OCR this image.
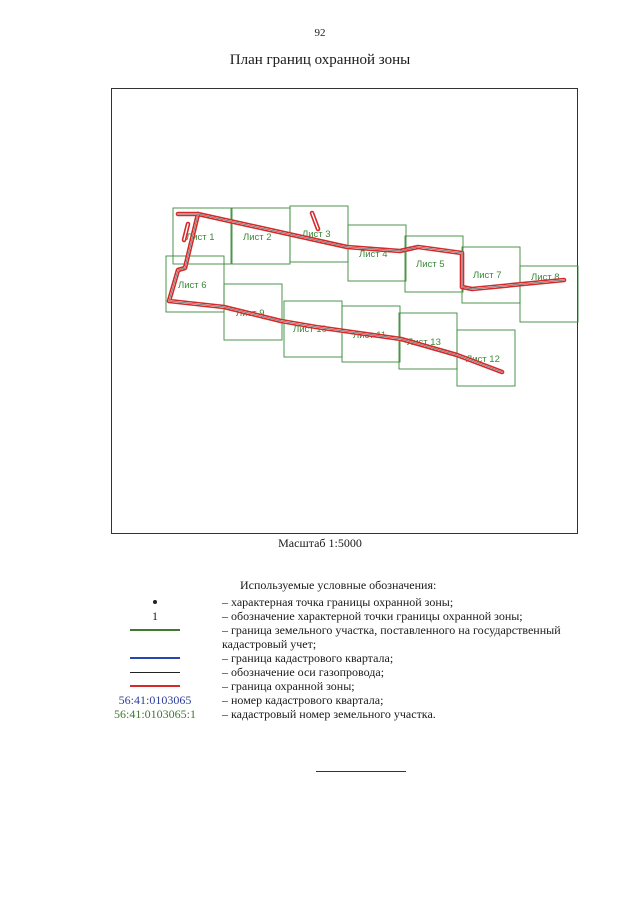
92
План границ охранной зоны
Лист 1	Лист 2	Лист 3
Лист 4
Лист 5
Лист 7	Лист 8
Лист 6
Лист 9
Лист 10
Лист 11
Лист 13
Лист 12
Масштаб 1:5000
Используемые условные обозначения:
– характерная точка границы охранной зоны;
1	– обозначение характерной точки границы охранной зоны;
– граница земельного участка, поставленного на государственный кадастровый учет;
– граница кадастрового квартала;
– обозначение оси газопровода;
– граница охранной зоны;
56:41:0103065	– номер кадастрового квартала;
56:41:0103065:1	– кадастровый номер земельного участка.
